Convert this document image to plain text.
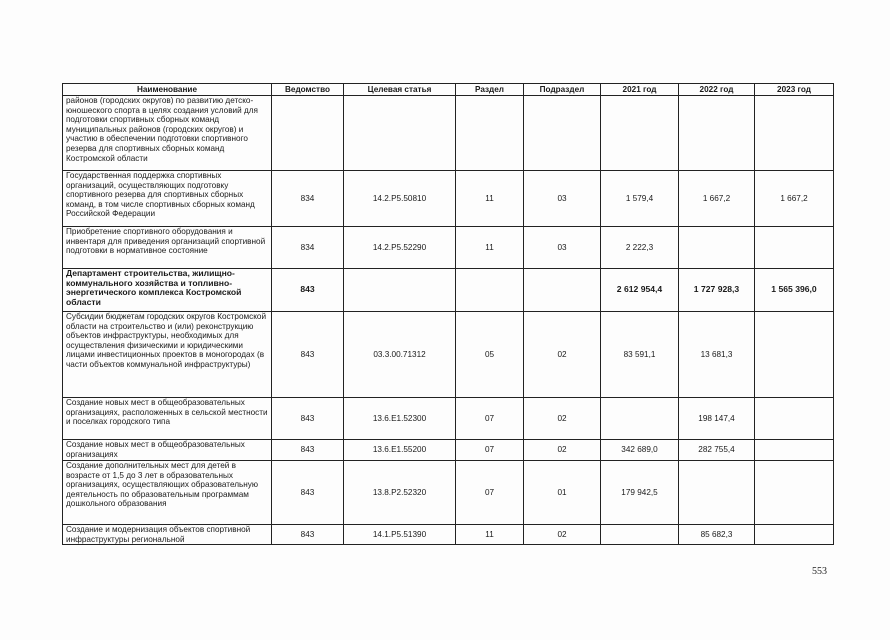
Наименование	Ведомство	Целевая статья	Раздел	Подраздел	2021 год	2022 год	2023 год
районов (городских округов) по развитию детско-юношеского спорта в целях создания условий для подготовки спортивных сборных команд муниципальных районов (городских округов) и участию в обеспечении подготовки спортивного резерва для спортивных сборных команд Костромской области							
Государственная поддержка спортивных организаций, осуществляющих подготовку спортивного резерва для спортивных сборных команд, в том числе спортивных сборных команд Российской Федерации	834	14.2.P5.50810	11	03	1 579,4	1 667,2	1 667,2
Приобретение спортивного оборудования и инвентаря для приведения организаций спортивной подготовки в нормативное состояние	834	14.2.P5.52290	11	03	2 222,3		
Департамент строительства, жилищно-коммунального хозяйства и топливно-энергетического комплекса Костромской области	843				2 612 954,4	1 727 928,3	1 565 396,0
Субсидии бюджетам городских округов Костромской области на строительство и (или) реконструкцию объектов инфраструктуры, необходимых для осуществления физическими и юридическими лицами инвестиционных проектов в моногородах (в части объектов коммунальной инфраструктуры)	843	03.3.00.71312	05	02	83 591,1	13 681,3	
Создание новых мест в общеобразовательных организациях, расположенных в сельской местности и поселках городского типа	843	13.6.E1.52300	07	02		198 147,4	
Создание новых мест в общеобразовательных организациях	843	13.6.E1.55200	07	02	342 689,0	282 755,4	
Создание дополнительных мест для детей в возрасте от 1,5 до 3 лет в образовательных организациях, осуществляющих образовательную деятельность по образовательным программам дошкольного образования	843	13.8.P2.52320	07	01	179 942,5		
Создание и модернизация объектов спортивной инфраструктуры региональной	843	14.1.P5.51390	11	02		85 682,3	
553
